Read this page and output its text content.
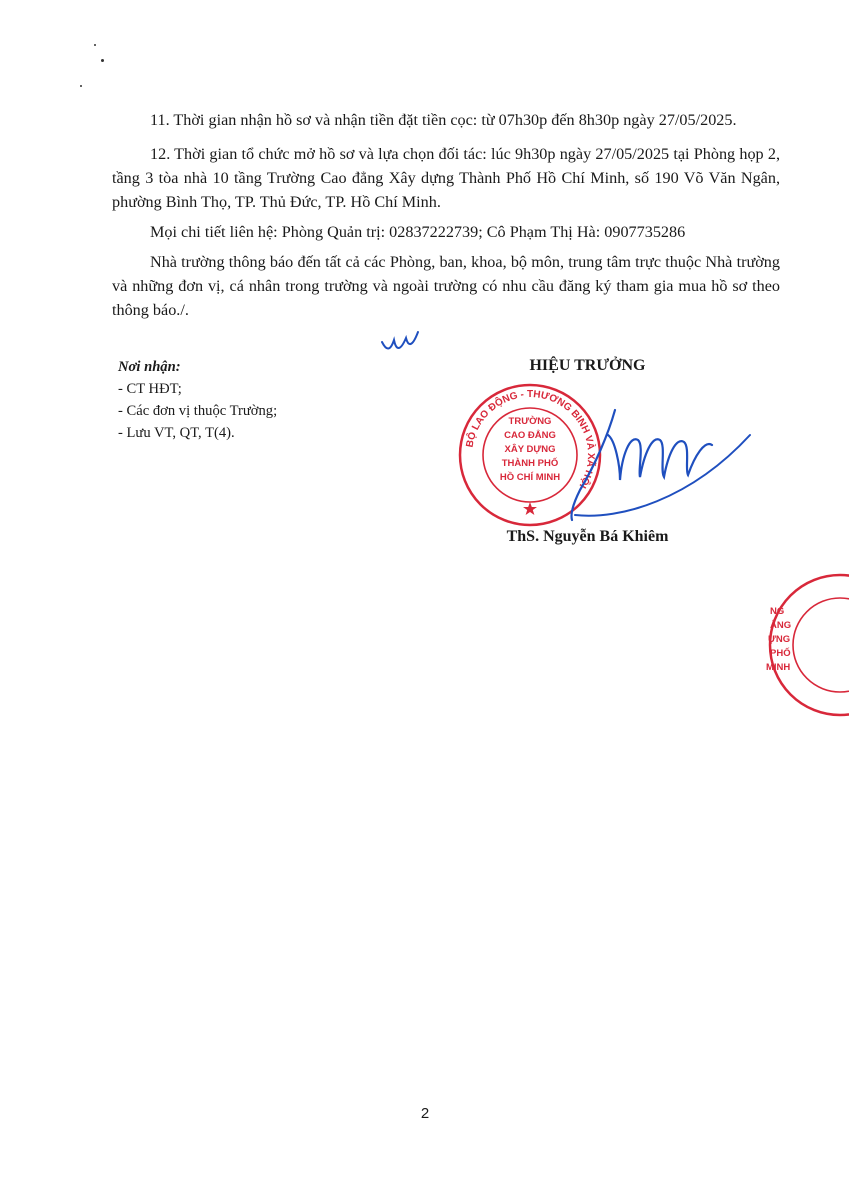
11. Thời gian nhận hồ sơ và nhận tiền đặt tiền cọc: từ 07h30p đến 8h30p ngày 27/05/2025.

12. Thời gian tổ chức mở hồ sơ và lựa chọn đối tác: lúc 9h30p ngày 27/05/2025 tại Phòng họp 2, tầng 3 tòa nhà 10 tầng Trường Cao đẳng Xây dựng Thành Phố Hồ Chí Minh, số 190 Võ Văn Ngân, phường Bình Thọ, TP. Thủ Đức, TP. Hồ Chí Minh.

Mọi chi tiết liên hệ: Phòng Quản trị: 02837222739; Cô Phạm Thị Hà: 0907735286

Nhà trường thông báo đến tất cả các Phòng, ban, khoa, bộ môn, trung tâm trực thuộc Nhà trường và những đơn vị, cá nhân trong trường và ngoài trường có nhu cầu đăng ký tham gia mua hồ sơ theo thông báo./.

Nơi nhận:
- CT HĐT;
- Các đơn vị thuộc Trường;
- Lưu VT, QT, T(4).
HIỆU TRƯỞNG
BỘ LAO ĐỘNG - THƯƠNG BINH VÀ XÃ HỘI
TRƯỜNG
CAO ĐẲNG
XÂY DỰNG
THÀNH PHỐ
HỒ CHÍ MINH
ThS. Nguyễn Bá Khiêm
NG
ẲNG
ỰNG
PHỐ
MINH
2
